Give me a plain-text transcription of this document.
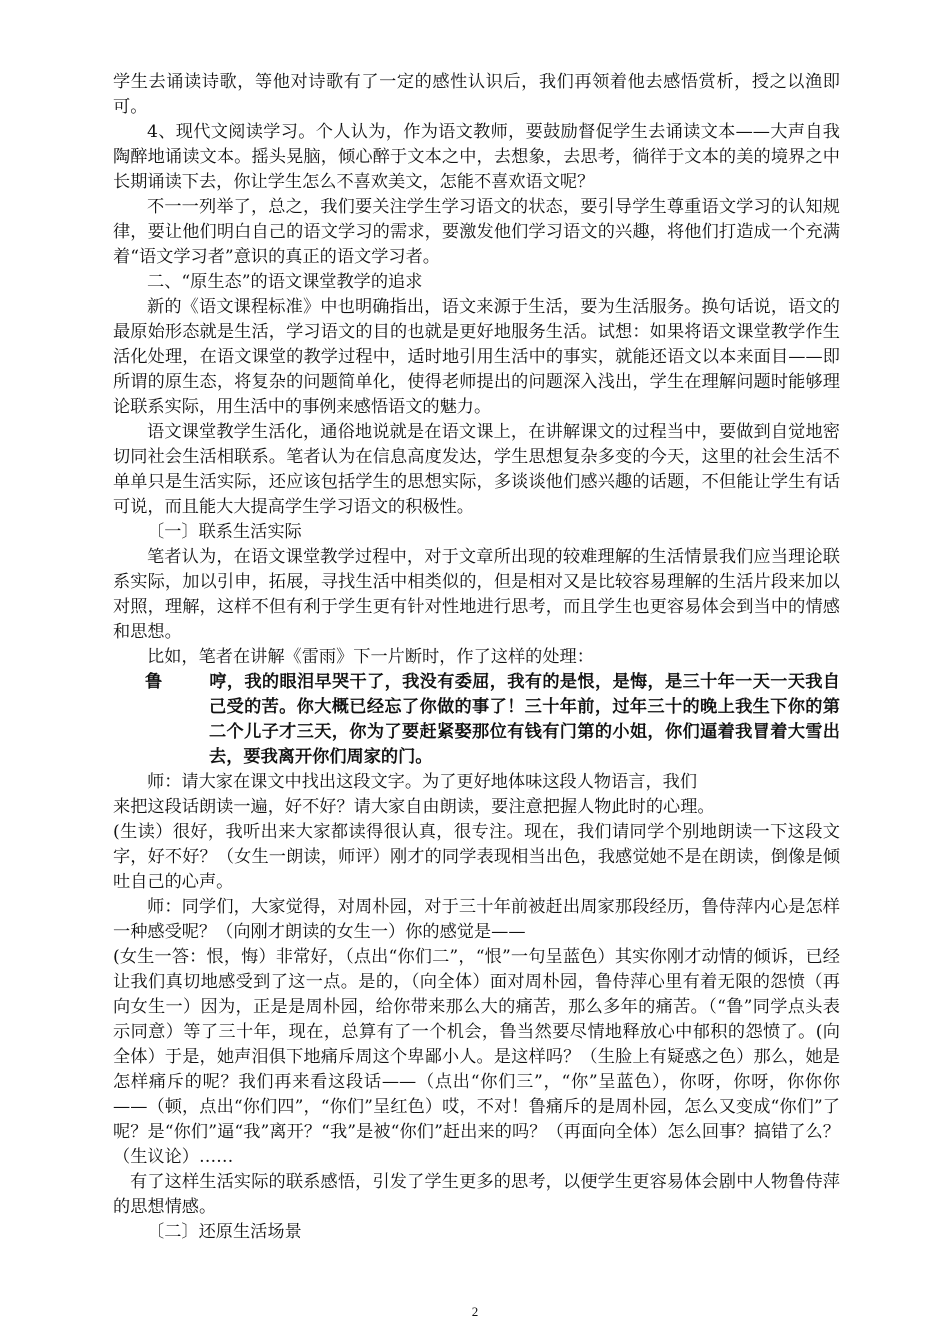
学生去诵读诗歌，等他对诗歌有了一定的感性认识后，我们再领着他去感悟赏析，授之以渔即可。

4、现代文阅读学习。个人认为，作为语文教师，要鼓励督促学生去诵读文本——大声自我陶醉地诵读文本。摇头晃脑，倾心醉于文本之中，去想象，去思考，徜徉于文本的美的境界之中长期诵读下去，你让学生怎么不喜欢美文，怎能不喜欢语文呢？

不一一列举了，总之，我们要关注学生学习语文的状态，要引导学生尊重语文学习的认知规律，要让他们明白自己的语文学习的需求，要激发他们学习语文的兴趣，将他们打造成一个充满着“语文学习者”意识的真正的语文学习者。

二、“原生态”的语文课堂教学的追求

新的《语文课程标准》中也明确指出，语文来源于生活，要为生活服务。换句话说，语文的最原始形态就是生活，学习语文的目的也就是更好地服务生活。试想：如果将语文课堂教学作生活化处理，在语文课堂的教学过程中，适时地引用生活中的事实，就能还语文以本来面目——即所谓的原生态，将复杂的问题简单化，使得老师提出的问题深入浅出，学生在理解问题时能够理论联系实际，用生活中的事例来感悟语文的魅力。

语文课堂教学生活化，通俗地说就是在语文课上，在讲解课文的过程当中，要做到自觉地密切同社会生活相联系。笔者认为在信息高度发达，学生思想复杂多变的今天，这里的社会生活不单单只是生活实际，还应该包括学生的思想实际，多谈谈他们感兴趣的话题，不但能让学生有话可说，而且能大大提高学生学习语文的积极性。

〔一〕联系生活实际

笔者认为，在语文课堂教学过程中，对于文章所出现的较难理解的生活情景我们应当理论联系实际，加以引申，拓展，寻找生活中相类似的，但是相对又是比较容易理解的生活片段来加以对照，理解，这样不但有利于学生更有针对性地进行思考，而且学生也更容易体会到当中的情感和思想。

比如，笔者在讲解《雷雨》下一片断时，作了这样的处理：

鲁	哼，我的眼泪早哭干了，我没有委屈，我有的是恨，是悔，是三十年一天一天我自己受的苦。你大概已经忘了你做的事了！三十年前，过年三十的晚上我生下你的第二个儿子才三天，你为了要赶紧娶那位有钱有门第的小姐，你们逼着我冒着大雪出去，要我离开你们周家的门。

师：请大家在课文中找出这段文字。为了更好地体味这段人物语言，我们

来把这段话朗读一遍，好不好？请大家自由朗读，要注意把握人物此时的心理。

(生读）很好，我听出来大家都读得很认真，很专注。现在，我们请同学个别地朗读一下这段文字，好不好？（女生一朗读，师评）刚才的同学表现相当出色，我感觉她不是在朗读，倒像是倾吐自己的心声。

师：同学们，大家觉得，对周朴园，对于三十年前被赶出周家那段经历，鲁侍萍内心是怎样一种感受呢？（向刚才朗读的女生一）你的感觉是——

(女生一答：恨，悔）非常好，（点出“你们二”，“恨”一句呈蓝色）其实你刚才动情的倾诉，已经让我们真切地感受到了这一点。是的，（向全体）面对周朴园，鲁侍萍心里有着无限的怨愤（再向女生一）因为，正是是周朴园，给你带来那么大的痛苦，那么多年的痛苦。（“鲁”同学点头表示同意）等了三十年，现在，总算有了一个机会，鲁当然要尽情地释放心中郁积的怨愤了。(向全体）于是，她声泪俱下地痛斥周这个卑鄙小人。是这样吗？（生脸上有疑惑之色）那么，她是怎样痛斥的呢？我们再来看这段话——（点出“你们三”，“你”呈蓝色），你呀，你呀，你你你——（顿，点出“你们四”，“你们”呈红色）哎，不对！鲁痛斥的是周朴园，怎么又变成“你们”了呢？是“你们”逼“我”离开？“我”是被“你们”赶出来的吗？（再面向全体）怎么回事？搞错了么？（生议论）……

有了这样生活实际的联系感悟，引发了学生更多的思考，以便学生更容易体会剧中人物鲁侍萍的思想情感。

〔二〕还原生活场景

2
